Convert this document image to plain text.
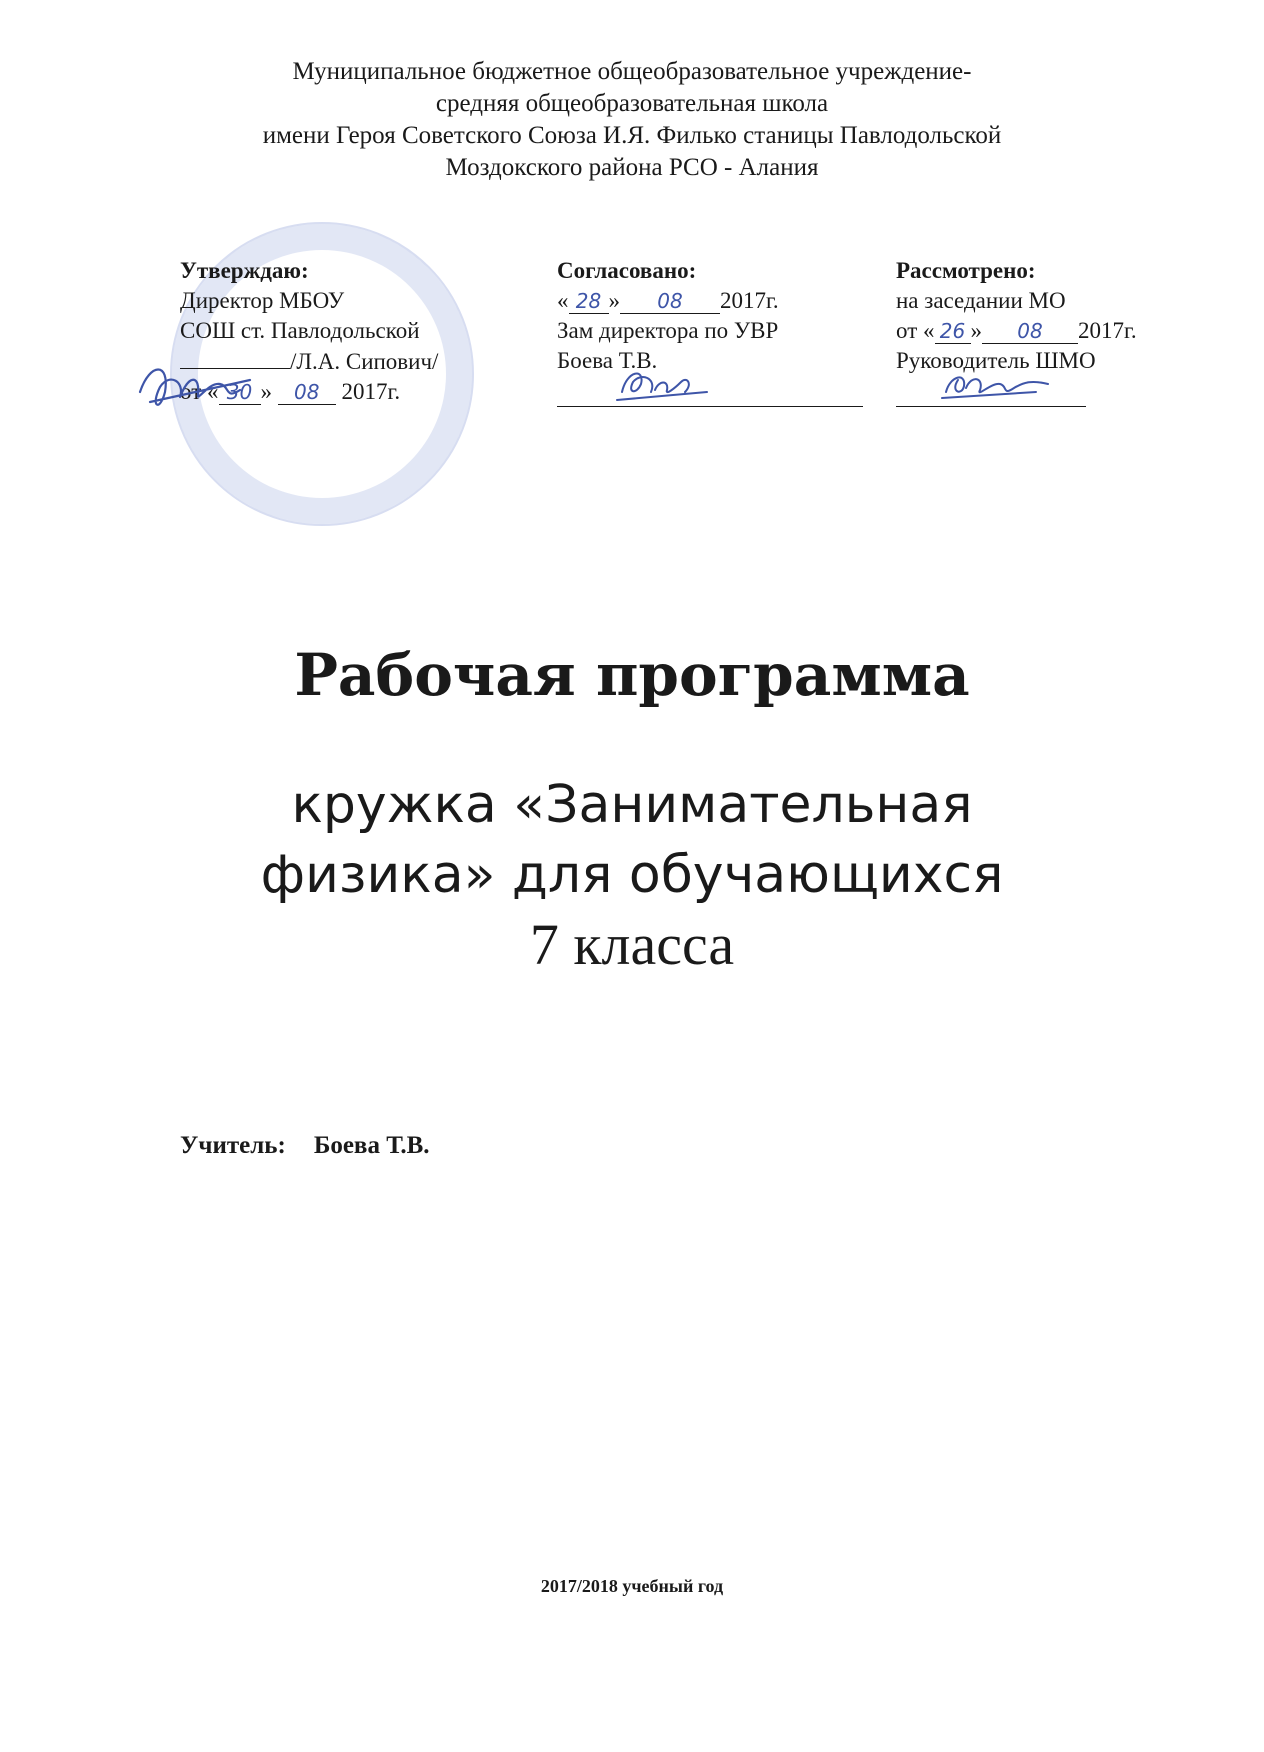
Муниципальное бюджетное общеобразовательное учреждение-
средняя общеобразовательная школа
имени Героя Советского Союза И.Я. Филько станицы Павлодольской
Моздокского района РСО - Алания
Утверждаю:
Директор МБОУ
СОШ ст. Павлодольской
/Л.А. Сипович/
от « 30 » 08 2017г.
Согласовано:
« 28 » 08 2017г.
Зам директора по УВР
Боева Т.В.
Рассмотрено:
на заседании МО
от « 26 » 08 2017г.
Руководитель ШМО
Рабочая программа
кружка «Занимательная
физика» для обучающихся
7 класса
Учитель: Боева Т.В.
2017/2018 учебный год
